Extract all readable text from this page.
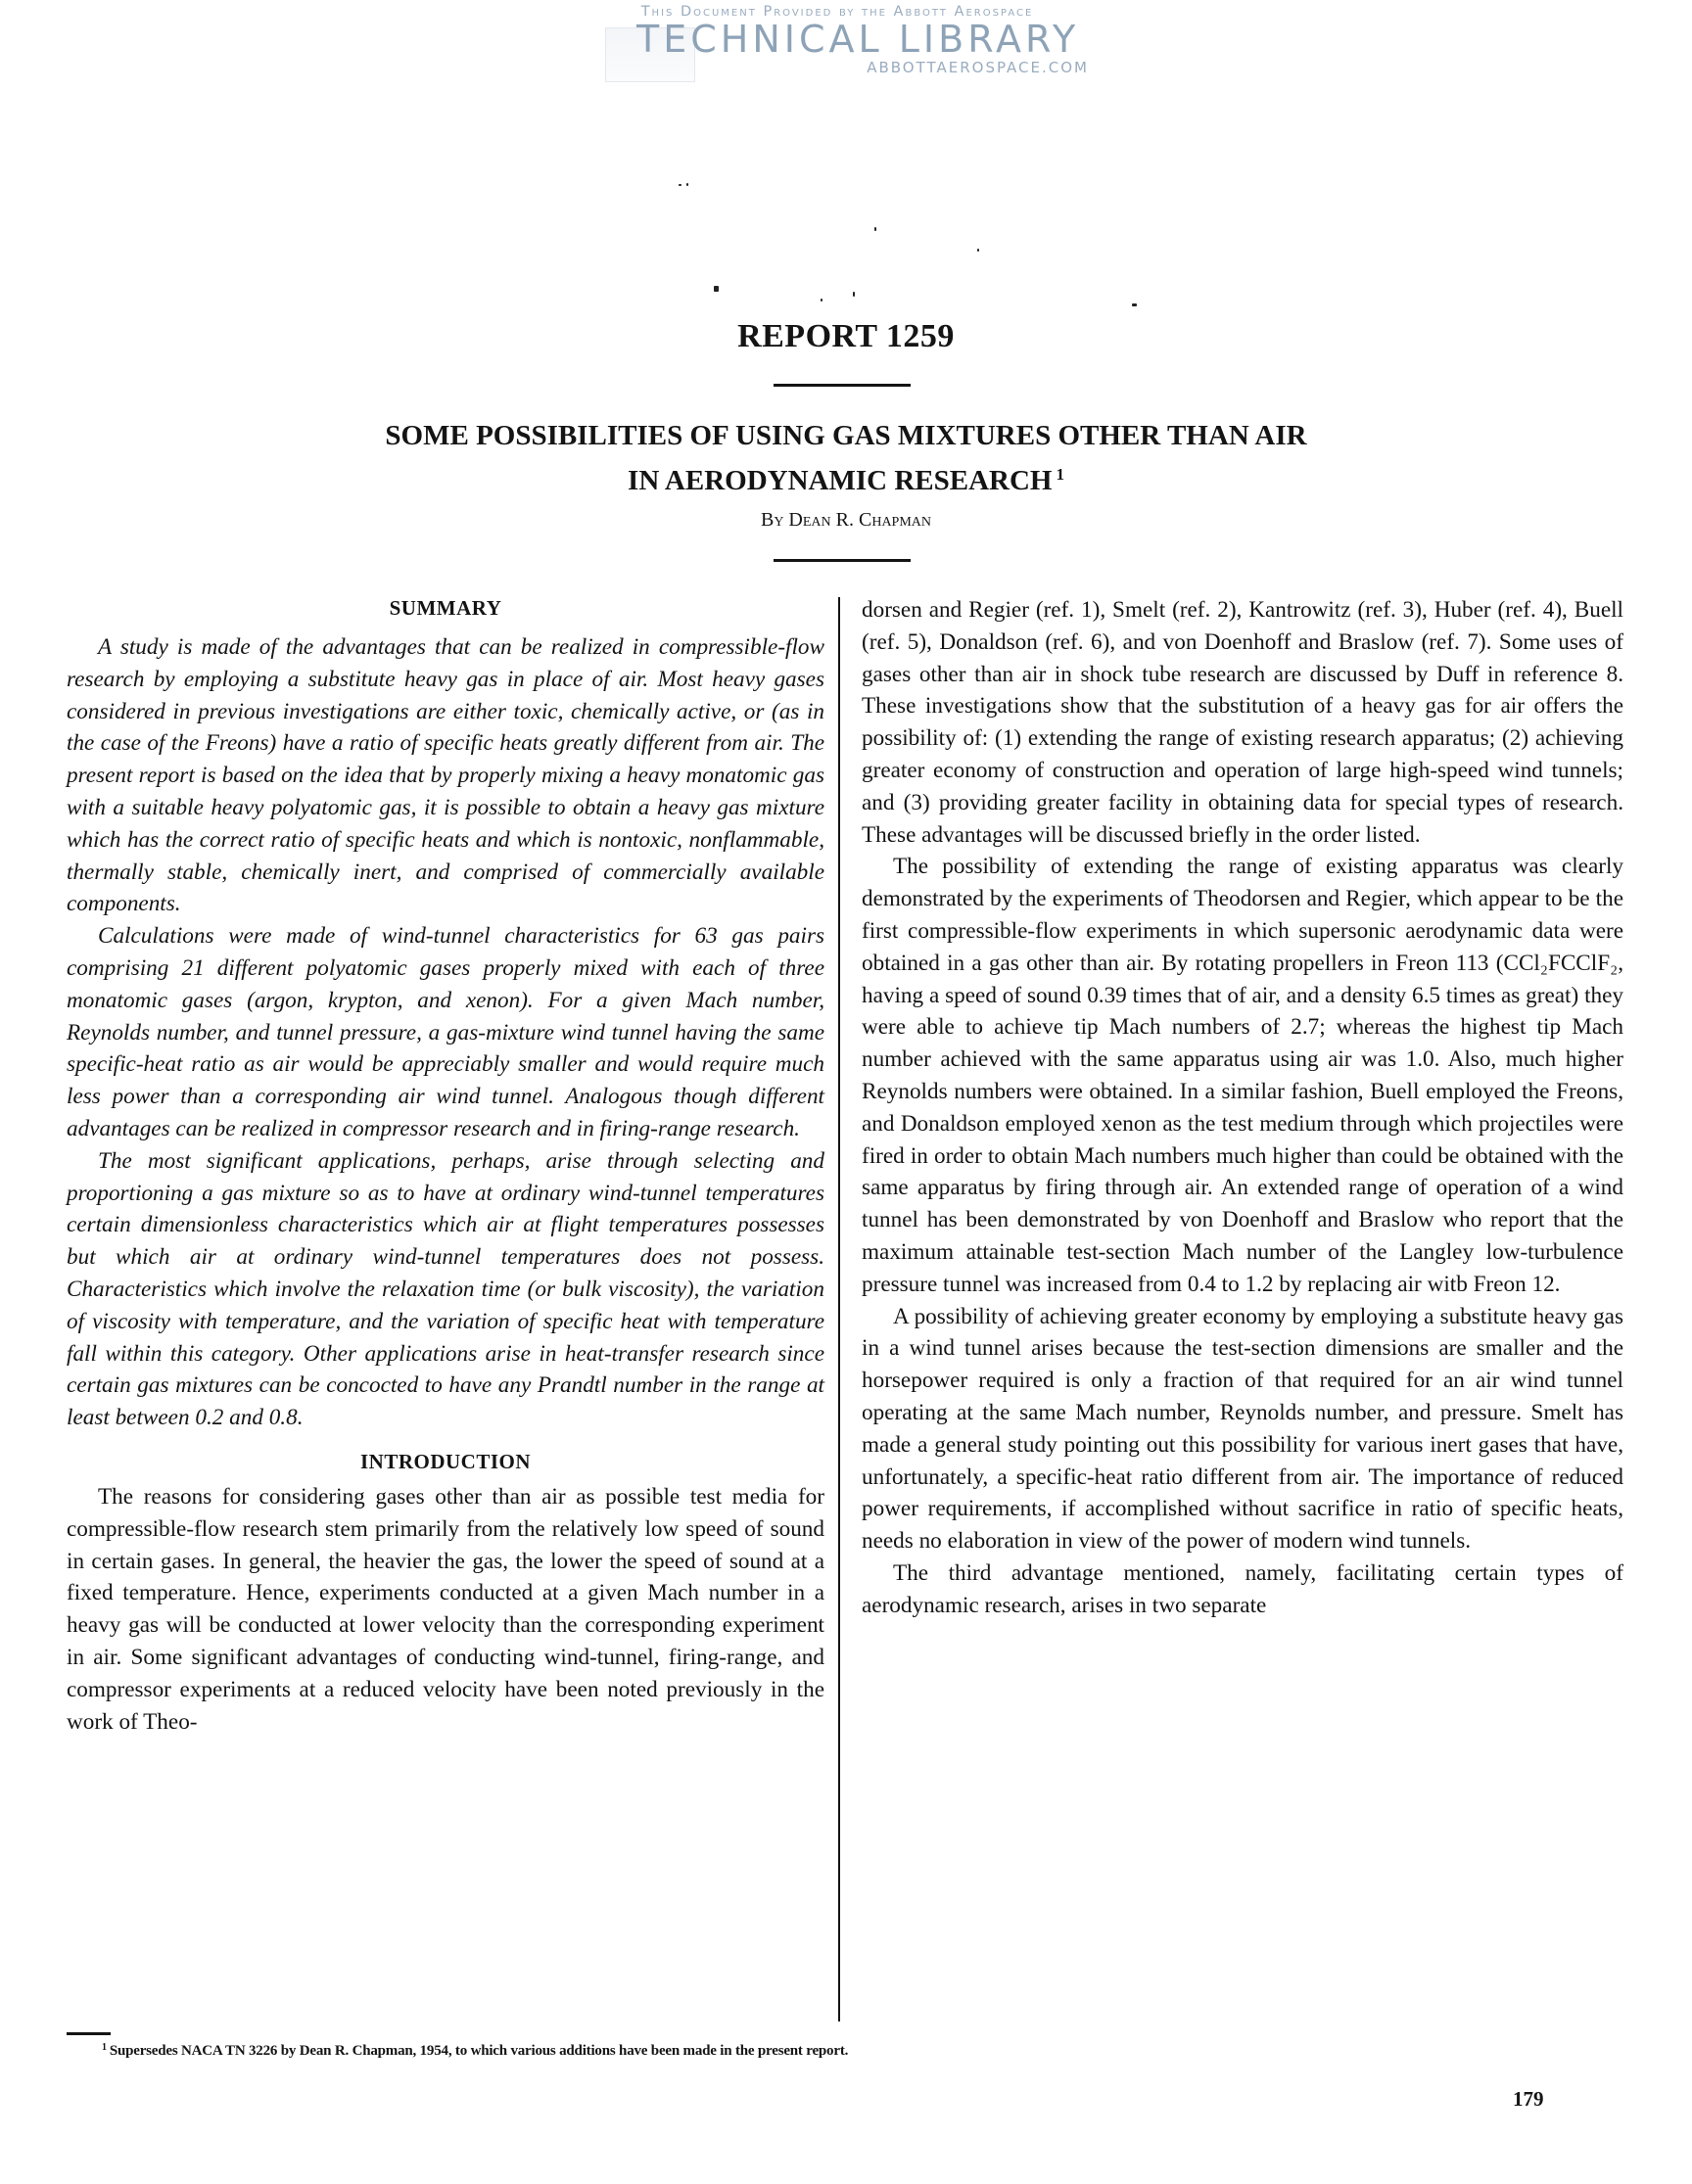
This Document Provided by the Abbott Aerospace
TECHNICAL LIBRARY
ABBOTTAEROSPACE.COM
REPORT 1259
SOME POSSIBILITIES OF USING GAS MIXTURES OTHER THAN AIR
IN AERODYNAMIC RESEARCH $^1$
By Dean R. Chapman
SUMMARY

A study is made of the advantages that can be realized in compressible-flow research by employing a substitute heavy gas in place of air. Most heavy gases considered in previous investigations are either toxic, chemically active, or (as in the case of the Freons) have a ratio of specific heats greatly different from air. The present report is based on the idea that by properly mixing a heavy monatomic gas with a suitable heavy polyatomic gas, it is possible to obtain a heavy gas mixture which has the correct ratio of specific heats and which is nontoxic, nonflammable, thermally stable, chemically inert, and comprised of commercially available components.

Calculations were made of wind-tunnel characteristics for 63 gas pairs comprising 21 different polyatomic gases properly mixed with each of three monatomic gases (argon, krypton, and xenon). For a given Mach number, Reynolds number, and tunnel pressure, a gas-mixture wind tunnel having the same specific-heat ratio as air would be appreciably smaller and would require much less power than a corresponding air wind tunnel. Analogous though different advantages can be realized in compressor research and in firing-range research.

The most significant applications, perhaps, arise through selecting and proportioning a gas mixture so as to have at ordinary wind-tunnel temperatures certain dimensionless characteristics which air at flight temperatures possesses but which air at ordinary wind-tunnel temperatures does not possess. Characteristics which involve the relaxation time (or bulk viscosity), the variation of viscosity with temperature, and the variation of specific heat with temperature fall within this category. Other applications arise in heat-transfer research since certain gas mixtures can be concocted to have any Prandtl number in the range at least between 0.2 and 0.8.

INTRODUCTION

The reasons for considering gases other than air as possible test media for compressible-flow research stem primarily from the relatively low speed of sound in certain gases. In general, the heavier the gas, the lower the speed of sound at a fixed temperature. Hence, experiments conducted at a given Mach number in a heavy gas will be conducted at lower velocity than the corresponding experiment in air. Some significant advantages of conducting wind-tunnel, firing-range, and compressor experiments at a reduced velocity have been noted previously in the work of Theo-

dorsen and Regier (ref. 1), Smelt (ref. 2), Kantrowitz (ref. 3), Huber (ref. 4), Buell (ref. 5), Donaldson (ref. 6), and von Doenhoff and Braslow (ref. 7). Some uses of gases other than air in shock tube research are discussed by Duff in reference 8. These investigations show that the substitution of a heavy gas for air offers the possibility of: (1) extending the range of existing research apparatus; (2) achieving greater economy of construction and operation of large high-speed wind tunnels; and (3) providing greater facility in obtaining data for special types of research. These advantages will be discussed briefly in the order listed.

The possibility of extending the range of existing apparatus was clearly demonstrated by the experiments of Theodorsen and Regier, which appear to be the first compressible-flow experiments in which supersonic aerodynamic data were obtained in a gas other than air. By rotating propellers in Freon 113 (CCl₂FCClF₂, having a speed of sound 0.39 times that of air, and a density 6.5 times as great) they were able to achieve tip Mach numbers of 2.7; whereas the highest tip Mach number achieved with the same apparatus using air was 1.0. Also, much higher Reynolds numbers were obtained. In a similar fashion, Buell employed the Freons, and Donaldson employed xenon as the test medium through which projectiles were fired in order to obtain Mach numbers much higher than could be obtained with the same apparatus by firing through air. An extended range of operation of a wind tunnel has been demonstrated by von Doenhoff and Braslow who report that the maximum attainable test-section Mach number of the Langley low-turbulence pressure tunnel was increased from 0.4 to 1.2 by replacing air witb Freon 12.

A possibility of achieving greater economy by employing a substitute heavy gas in a wind tunnel arises because the test-section dimensions are smaller and the horsepower required is only a fraction of that required for an air wind tunnel operating at the same Mach number, Reynolds number, and pressure. Smelt has made a general study pointing out this possibility for various inert gases that have, unfortunately, a specific-heat ratio different from air. The importance of reduced power requirements, if accomplished without sacrifice in ratio of specific heats, needs no elaboration in view of the power of modern wind tunnels.

The third advantage mentioned, namely, facilitating certain types of aerodynamic research, arises in two separate

$^1$ Supersedes NACA TN 3226 by Dean R. Chapman, 1954, to which various additions have been made in the present report.
179
